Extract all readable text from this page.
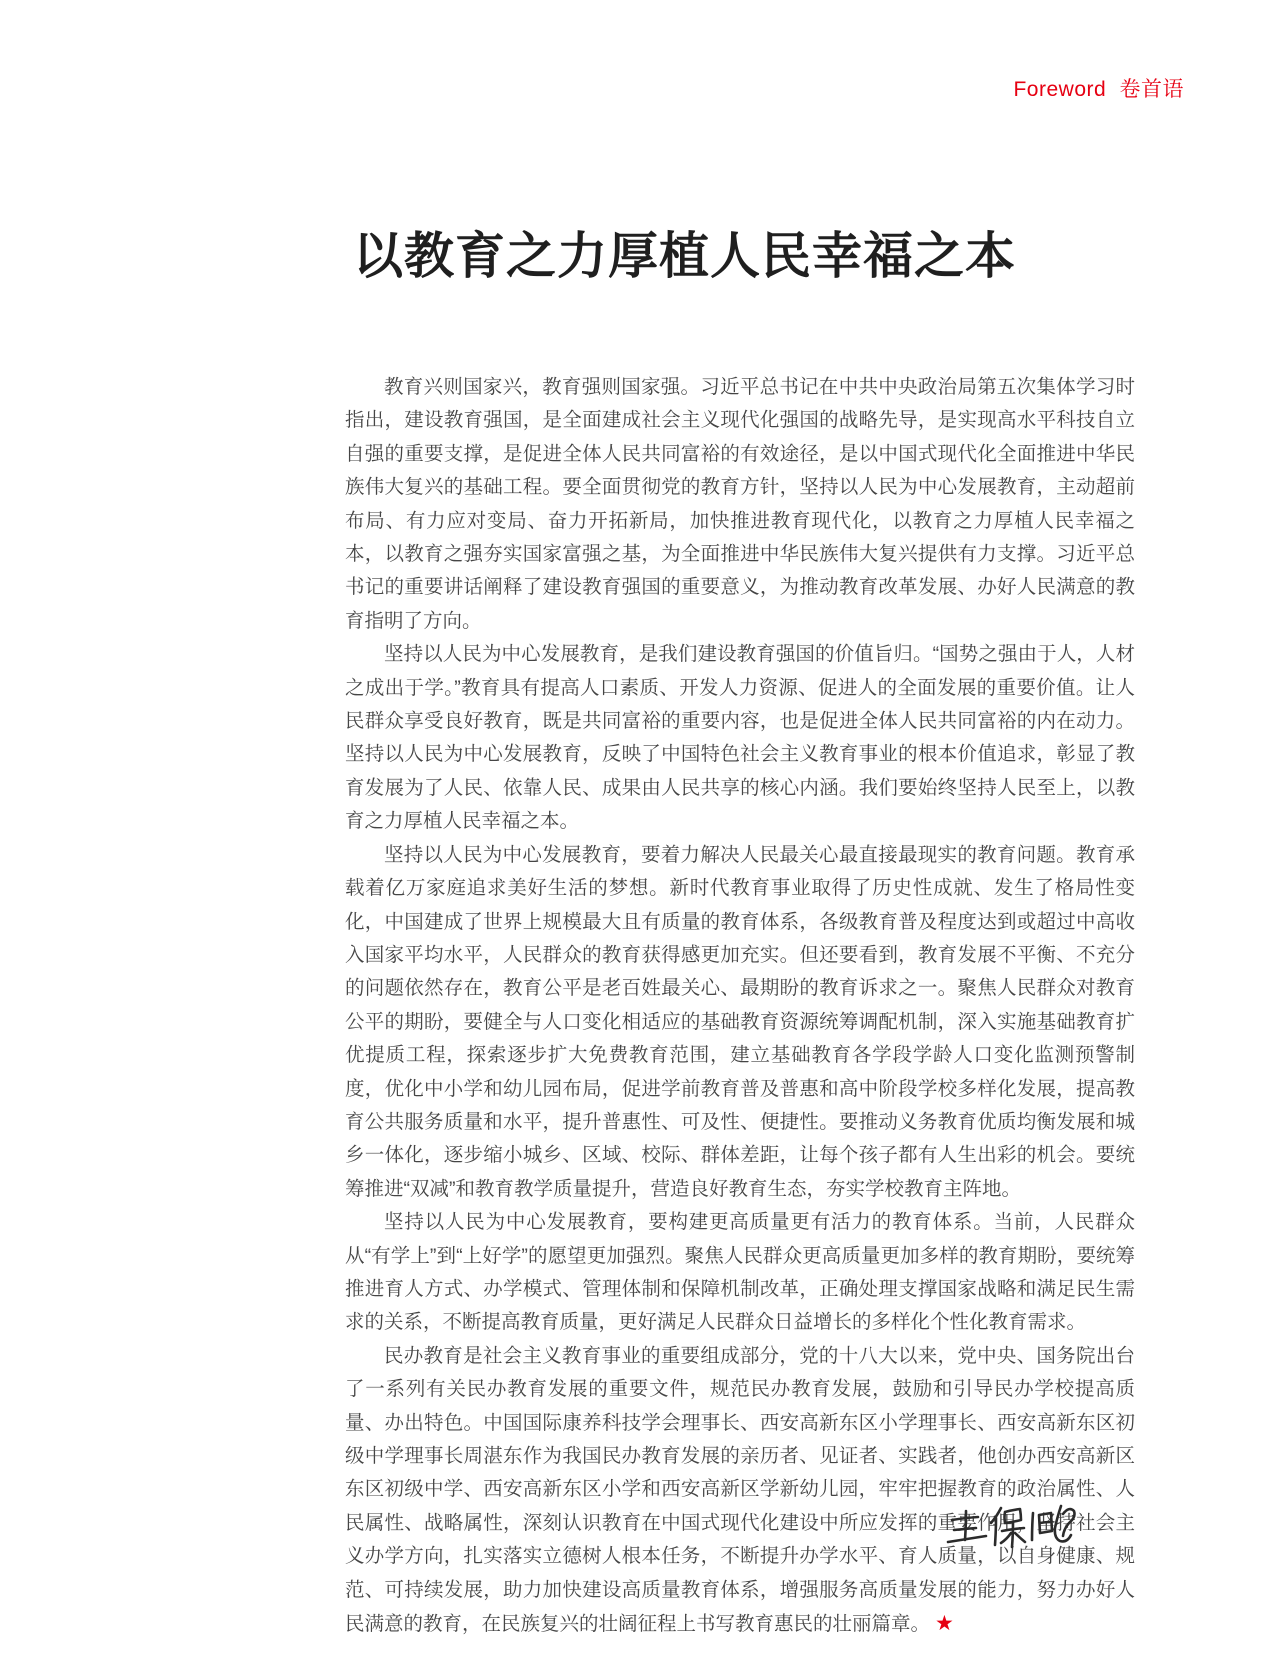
Foreword 卷首语
以教育之力厚植人民幸福之本

教育兴则国家兴，教育强则国家强。习近平总书记在中共中央政治局第五次集体学习时指出，建设教育强国，是全面建成社会主义现代化强国的战略先导，是实现高水平科技自立自强的重要支撑，是促进全体人民共同富裕的有效途径，是以中国式现代化全面推进中华民族伟大复兴的基础工程。要全面贯彻党的教育方针，坚持以人民为中心发展教育，主动超前布局、有力应对变局、奋力开拓新局，加快推进教育现代化，以教育之力厚植人民幸福之本，以教育之强夯实国家富强之基，为全面推进中华民族伟大复兴提供有力支撑。习近平总书记的重要讲话阐释了建设教育强国的重要意义，为推动教育改革发展、办好人民满意的教育指明了方向。

坚持以人民为中心发展教育，是我们建设教育强国的价值旨归。“国势之强由于人，人材之成出于学。”教育具有提高人口素质、开发人力资源、促进人的全面发展的重要价值。让人民群众享受良好教育，既是共同富裕的重要内容，也是促进全体人民共同富裕的内在动力。坚持以人民为中心发展教育，反映了中国特色社会主义教育事业的根本价值追求，彰显了教育发展为了人民、依靠人民、成果由人民共享的核心内涵。我们要始终坚持人民至上，以教育之力厚植人民幸福之本。

坚持以人民为中心发展教育，要着力解决人民最关心最直接最现实的教育问题。教育承载着亿万家庭追求美好生活的梦想。新时代教育事业取得了历史性成就、发生了格局性变化，中国建成了世界上规模最大且有质量的教育体系，各级教育普及程度达到或超过中高收入国家平均水平，人民群众的教育获得感更加充实。但还要看到，教育发展不平衡、不充分的问题依然存在，教育公平是老百姓最关心、最期盼的教育诉求之一。聚焦人民群众对教育公平的期盼，要健全与人口变化相适应的基础教育资源统筹调配机制，深入实施基础教育扩优提质工程，探索逐步扩大免费教育范围，建立基础教育各学段学龄人口变化监测预警制度，优化中小学和幼儿园布局，促进学前教育普及普惠和高中阶段学校多样化发展，提高教育公共服务质量和水平，提升普惠性、可及性、便捷性。要推动义务教育优质均衡发展和城乡一体化，逐步缩小城乡、区域、校际、群体差距，让每个孩子都有人生出彩的机会。要统筹推进“双减”和教育教学质量提升，营造良好教育生态，夯实学校教育主阵地。

坚持以人民为中心发展教育，要构建更高质量更有活力的教育体系。当前，人民群众从“有学上”到“上好学”的愿望更加强烈。聚焦人民群众更高质量更加多样的教育期盼，要统筹推进育人方式、办学模式、管理体制和保障机制改革，正确处理支撑国家战略和满足民生需求的关系，不断提高教育质量，更好满足人民群众日益增长的多样化个性化教育需求。

民办教育是社会主义教育事业的重要组成部分，党的十八大以来，党中央、国务院出台了一系列有关民办教育发展的重要文件，规范民办教育发展，鼓励和引导民办学校提高质量、办出特色。中国国际康养科技学会理事长、西安高新东区小学理事长、西安高新东区初级中学理事长周湛东作为我国民办教育发展的亲历者、见证者、实践者，他创办西安高新区东区初级中学、西安高新东区小学和西安高新区学新幼儿园，牢牢把握教育的政治属性、人民属性、战略属性，深刻认识教育在中国式现代化建设中所应发挥的重要作用，坚持社会主义办学方向，扎实落实立德树人根本任务，不断提升办学水平、育人质量，以自身健康、规范、可持续发展，助力加快建设高质量教育体系，增强服务高质量发展的能力，努力办好人民满意的教育，在民族复兴的壮阔征程上书写教育惠民的壮丽篇章。 ★
